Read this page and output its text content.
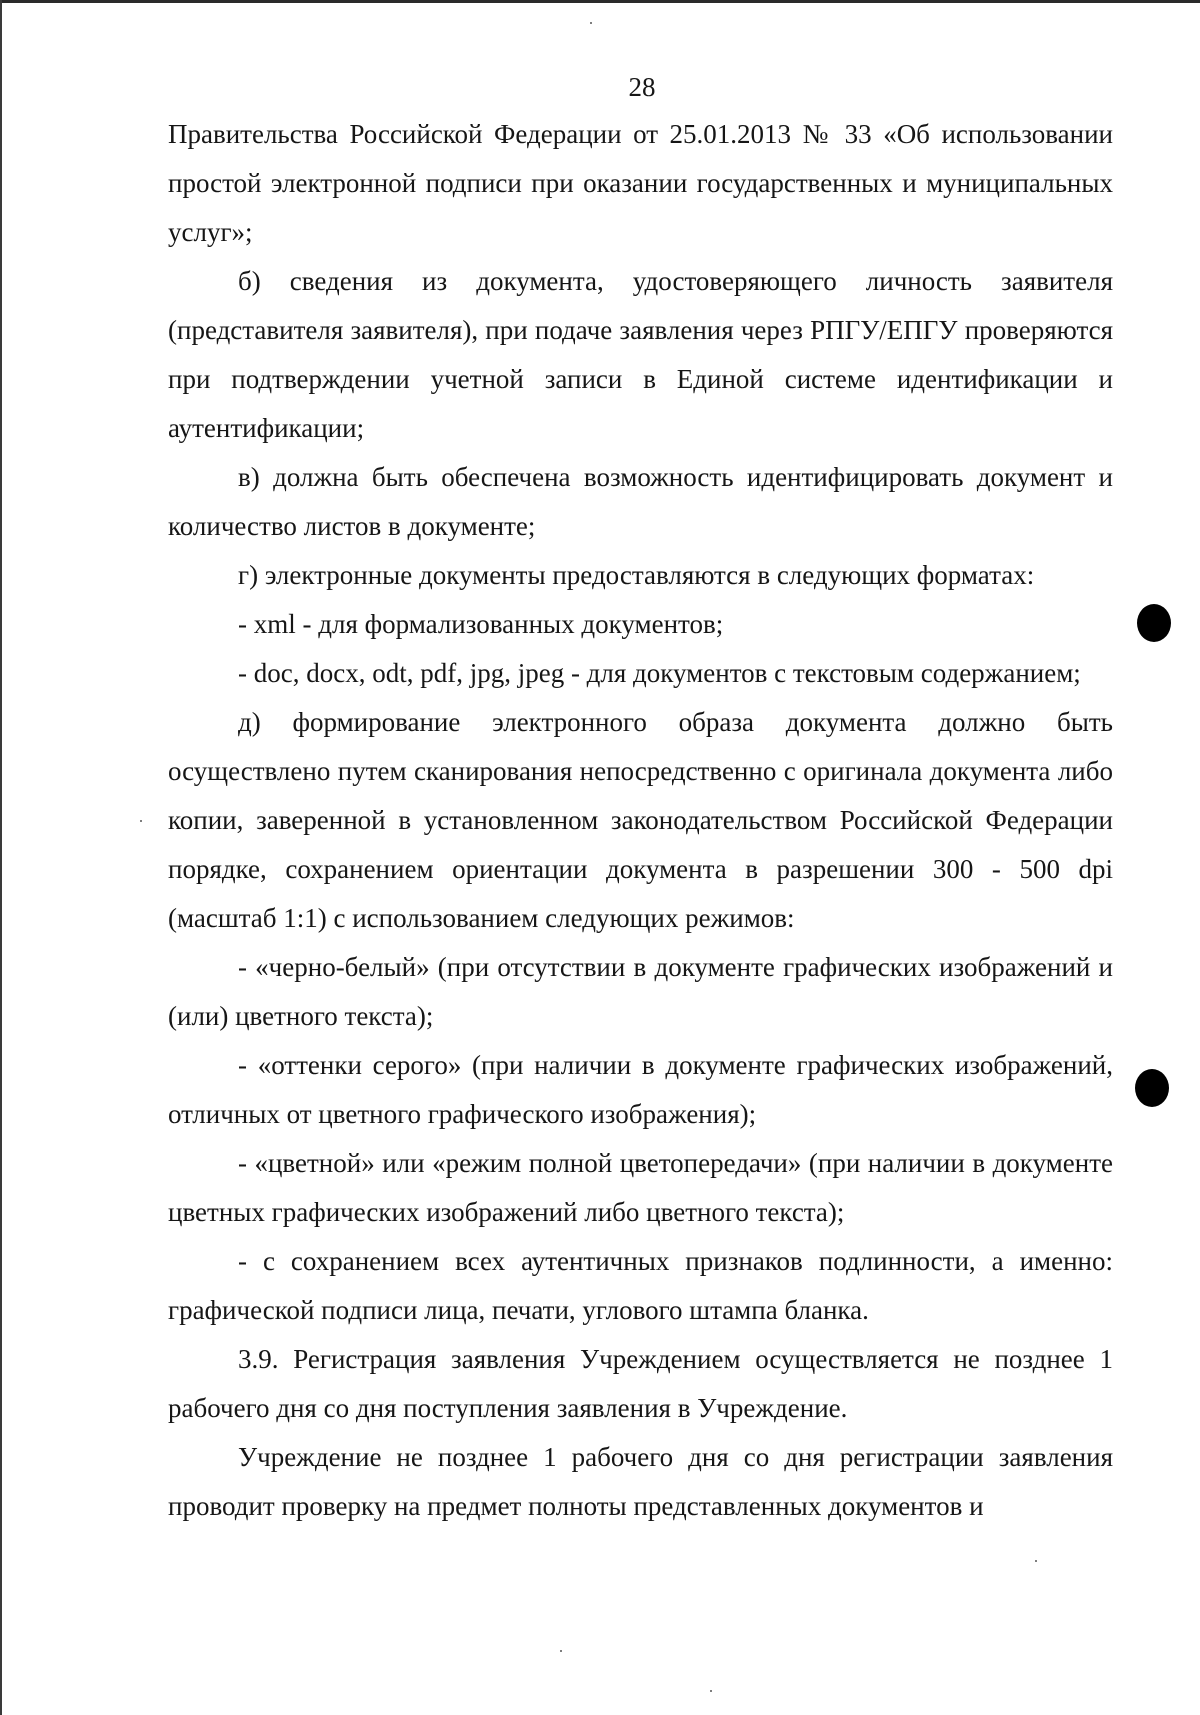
28

Правительства Российской Федерации от 25.01.2013 № 33 «Об использовании простой электронной подписи при оказании государственных и муниципальных услуг»;

б) сведения из документа, удостоверяющего личность заявителя (представителя заявителя), при подаче заявления через РПГУ/ЕПГУ проверяются при подтверждении учетной записи в Единой системе идентификации и аутентификации;

в) должна быть обеспечена возможность идентифицировать документ и количество листов в документе;

г) электронные документы предоставляются в следующих форматах:

- xml - для формализованных документов;

- doc, docx, odt, pdf, jpg, jpeg - для документов с текстовым содержанием;

д) формирование электронного образа документа должно быть осуществлено путем сканирования непосредственно с оригинала документа либо копии, заверенной в установленном законодательством Российской Федерации порядке, сохранением ориентации документа в разрешении 300 - 500 dpi (масштаб 1:1) с использованием следующих режимов:

- «черно-белый» (при отсутствии в документе графических изображений и (или) цветного текста);

- «оттенки серого» (при наличии в документе графических изображений, отличных от цветного графического изображения);

- «цветной» или «режим полной цветопередачи» (при наличии в документе цветных графических изображений либо цветного текста);

- с сохранением всех аутентичных признаков подлинности, а именно: графической подписи лица, печати, углового штампа бланка.

3.9. Регистрация заявления Учреждением осуществляется не позднее 1 рабочего дня со дня поступления заявления в Учреждение.

Учреждение не позднее 1 рабочего дня со дня регистрации заявления проводит проверку на предмет полноты представленных документов и
